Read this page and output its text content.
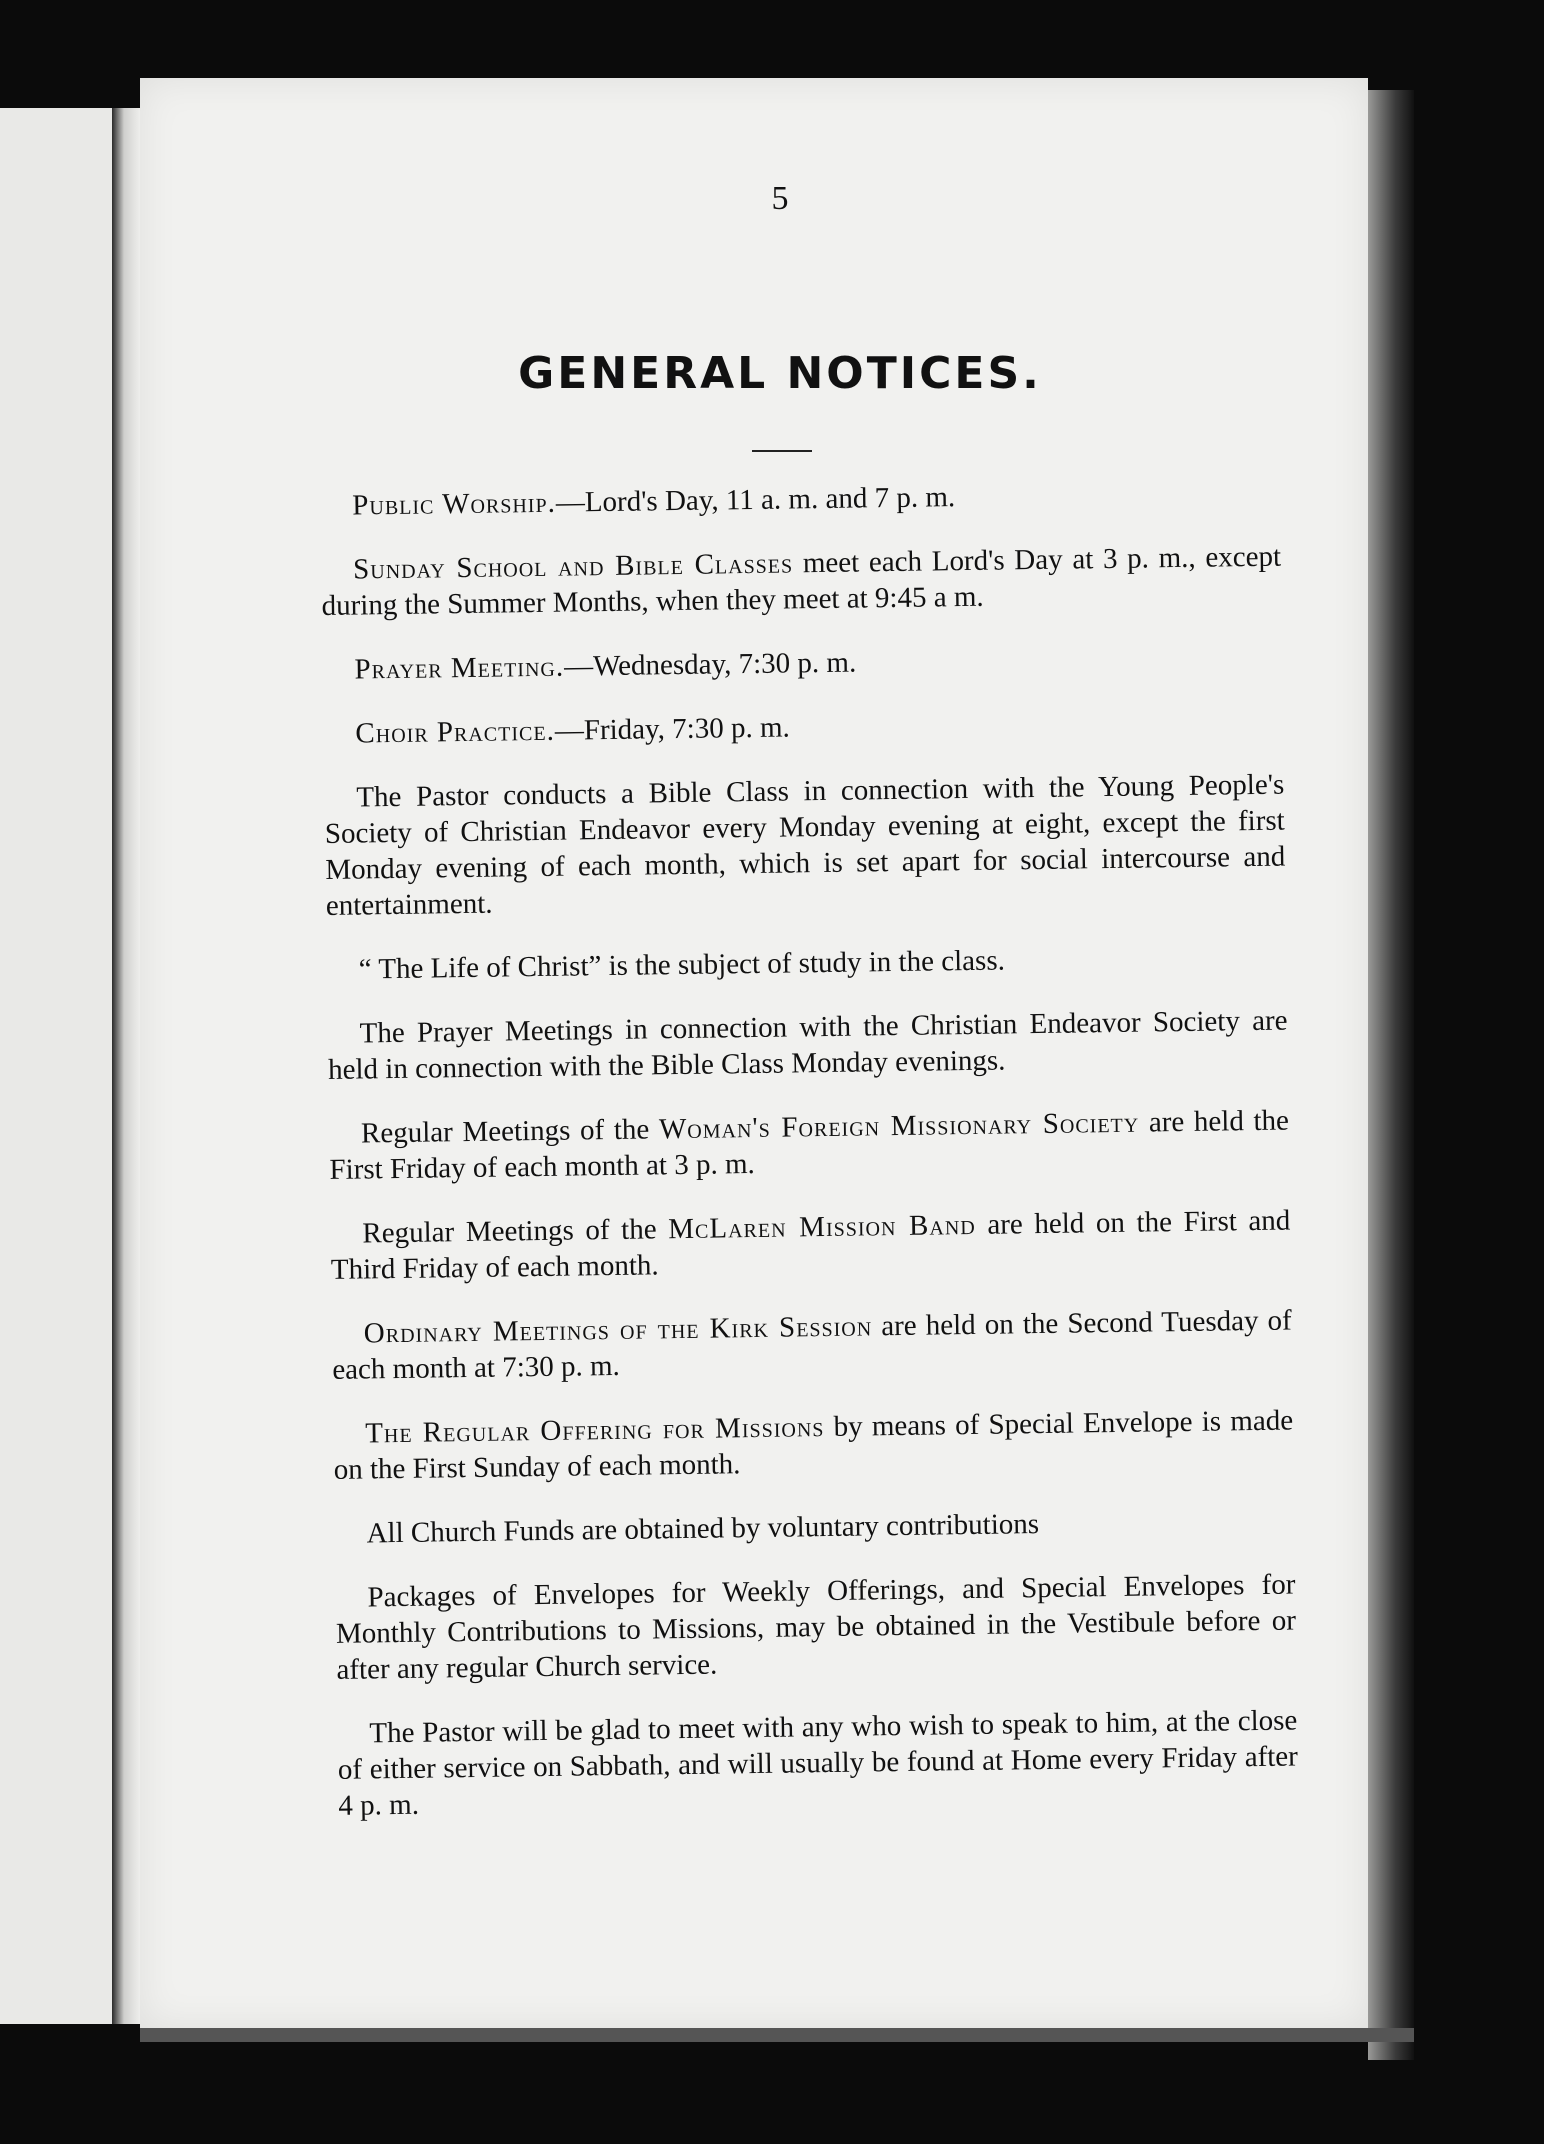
5
GENERAL NOTICES.

Public Worship.—Lord's Day, 11 a. m. and 7 p. m.

Sunday School and Bible Classes meet each Lord's Day at 3 p. m., except during the Summer Months, when they meet at 9:45 a m.

Prayer Meeting.—Wednesday, 7:30 p. m.

Choir Practice.—Friday, 7:30 p. m.

The Pastor conducts a Bible Class in connection with the Young People's Society of Christian Endeavor every Monday evening at eight, except the first Monday evening of each month, which is set apart for social intercourse and entertainment.

“ The Life of Christ” is the subject of study in the class.

The Prayer Meetings in connection with the Christian Endeavor Society are held in connection with the Bible Class Monday evenings.

Regular Meetings of the Woman's Foreign Missionary Society are held the First Friday of each month at 3 p. m.

Regular Meetings of the McLaren Mission Band are held on the First and Third Friday of each month.

Ordinary Meetings of the Kirk Session are held on the Second Tuesday of each month at 7:30 p. m.

The Regular Offering for Missions by means of Special Envelope is made on the First Sunday of each month.

All Church Funds are obtained by voluntary contributions

Packages of Envelopes for Weekly Offerings, and Special Envelopes for Monthly Contributions to Missions, may be obtained in the Vestibule before or after any regular Church service.

The Pastor will be glad to meet with any who wish to speak to him, at the close of either service on Sabbath, and will usually be found at Home every Friday after 4 p. m.
